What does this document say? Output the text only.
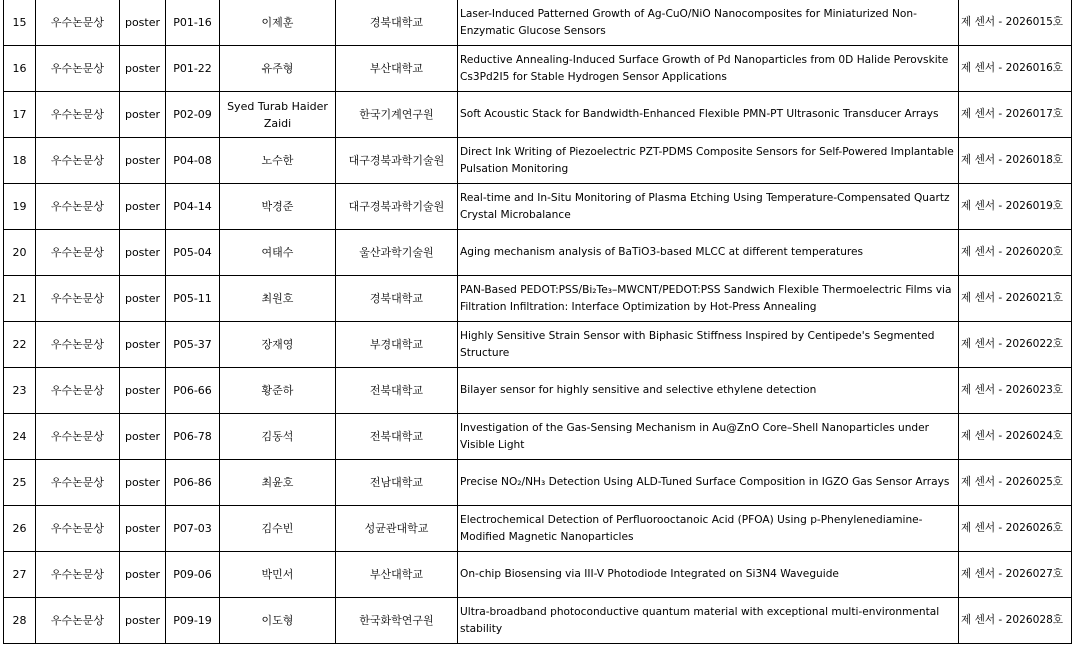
15	우수논문상	poster	P01-16	이제훈	경북대학교	Laser-Induced Patterned Growth of Ag-CuO/NiO Nanocomposites for Miniaturized Non-Enzymatic Glucose Sensors	제 센서 - 2026015호
16	우수논문상	poster	P01-22	유주형	부산대학교	Reductive Annealing-Induced Surface Growth of Pd Nanoparticles from 0D Halide Perovskite Cs3Pd2I5 for Stable Hydrogen Sensor Applications	제 센서 - 2026016호
17	우수논문상	poster	P02-09	Syed Turab Haider Zaidi	한국기계연구원	Soft Acoustic Stack for Bandwidth-Enhanced Flexible PMN-PT Ultrasonic Transducer Arrays	제 센서 - 2026017호
18	우수논문상	poster	P04-08	노수한	대구경북과학기술원	Direct Ink Writing of Piezoelectric PZT-PDMS Composite Sensors for Self-Powered Implantable Pulsation Monitoring	제 센서 - 2026018호
19	우수논문상	poster	P04-14	박경준	대구경북과학기술원	Real-time and In-Situ Monitoring of Plasma Etching Using Temperature-Compensated Quartz Crystal Microbalance	제 센서 - 2026019호
20	우수논문상	poster	P05-04	여태수	울산과학기술원	Aging mechanism analysis of BaTiO3-based MLCC at different temperatures	제 센서 - 2026020호
21	우수논문상	poster	P05-11	최원호	경북대학교	PAN-Based PEDOT:PSS/Bi₂Te₃–MWCNT/PEDOT:PSS Sandwich Flexible Thermoelectric Films via Filtration Infiltration: Interface Optimization by Hot-Press Annealing	제 센서 - 2026021호
22	우수논문상	poster	P05-37	장재영	부경대학교	Highly Sensitive Strain Sensor with Biphasic Stiffness Inspired by Centipede's Segmented Structure	제 센서 - 2026022호
23	우수논문상	poster	P06-66	황준하	전북대학교	Bilayer sensor for highly sensitive and selective ethylene detection	제 센서 - 2026023호
24	우수논문상	poster	P06-78	김동석	전북대학교	Investigation of the Gas-Sensing Mechanism in Au@ZnO Core–Shell Nanoparticles under Visible Light	제 센서 - 2026024호
25	우수논문상	poster	P06-86	최윤호	전남대학교	Precise NO₂/NH₃ Detection Using ALD-Tuned Surface Composition in IGZO Gas Sensor Arrays	제 센서 - 2026025호
26	우수논문상	poster	P07-03	김수빈	성균관대학교	Electrochemical Detection of Perfluorooctanoic Acid (PFOA) Using p-Phenylenediamine-Modified Magnetic Nanoparticles	제 센서 - 2026026호
27	우수논문상	poster	P09-06	박민서	부산대학교	On-chip Biosensing via III-V Photodiode Integrated on Si3N4 Waveguide	제 센서 - 2026027호
28	우수논문상	poster	P09-19	이도형	한국화학연구원	Ultra-broadband photoconductive quantum material with exceptional multi-environmental stability	제 센서 - 2026028호
